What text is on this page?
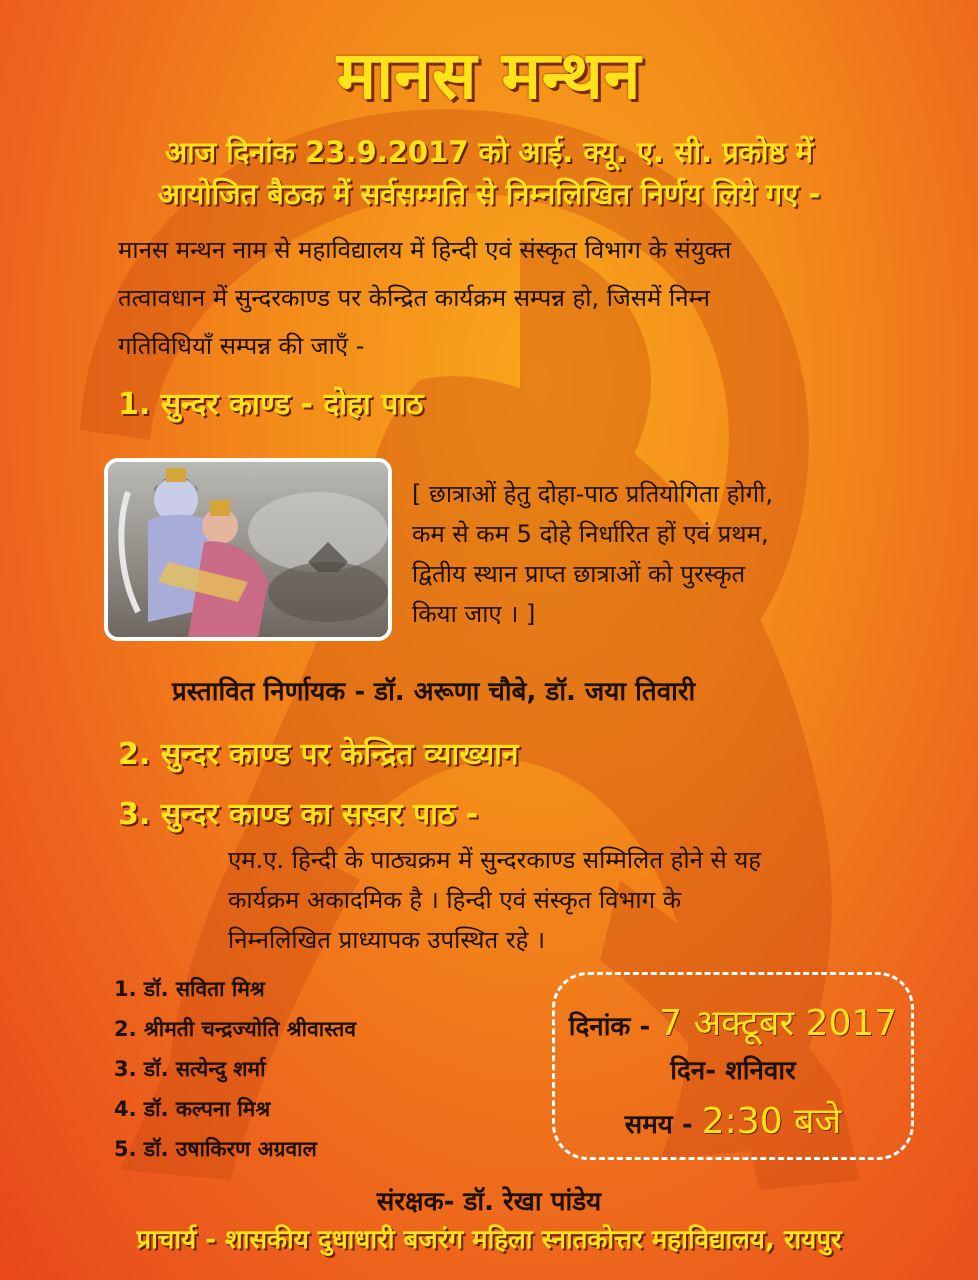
मानस मन्थन
आज दिनांक 23.9.2017 को आई. क्यू. ए. सी. प्रकोष्ठ में
आयोजित बैठक में सर्वसम्मति से निम्नलिखित निर्णय लिये गए -
मानस मन्थन नाम से महाविद्यालय में हिन्दी एवं संस्कृत विभाग के संयुक्त
तत्वावधान में सुन्दरकाण्ड पर केन्द्रित कार्यक्रम सम्पन्न हो, जिसमें निम्न
गतिविधियाँ सम्पन्न की जाएँ -
1. सुन्दर काण्ड - दोहा पाठ
[ छात्राओं हेतु दोहा-पाठ प्रतियोगिता होगी,
कम से कम 5 दोहे निर्धारित हों एवं प्रथम,
द्वितीय स्थान प्राप्त छात्राओं को पुरस्कृत
किया जाए । ]
प्रस्तावित निर्णायक - डॉ. अरूणा चौबे, डॉ. जया तिवारी
2. सुन्दर काण्ड पर केन्द्रित व्याख्यान
3. सुन्दर काण्ड का सस्वर पाठ -
एम.ए. हिन्दी के पाठ्यक्रम में सुन्दरकाण्ड सम्मिलित होने से यह
कार्यक्रम अकादमिक है । हिन्दी एवं संस्कृत विभाग के
निम्नलिखित प्राध्यापक उपस्थित रहे ।
1. डॉ. सविता मिश्र
2. श्रीमती चन्द्रज्योति श्रीवास्तव
3. डॉ. सत्येन्दु शर्मा
4. डॉ. कल्पना मिश्र
5. डॉ. उषाकिरण अग्रवाल
दिनांक - 7 अक्टूबर 2017
दिन- शनिवार
समय - 2:30 बजे
संरक्षक- डॉ. रेखा पांडेय
प्राचार्य - शासकीय दुधाधारी बजरंग महिला स्नातकोत्तर महाविद्यालय, रायपुर
